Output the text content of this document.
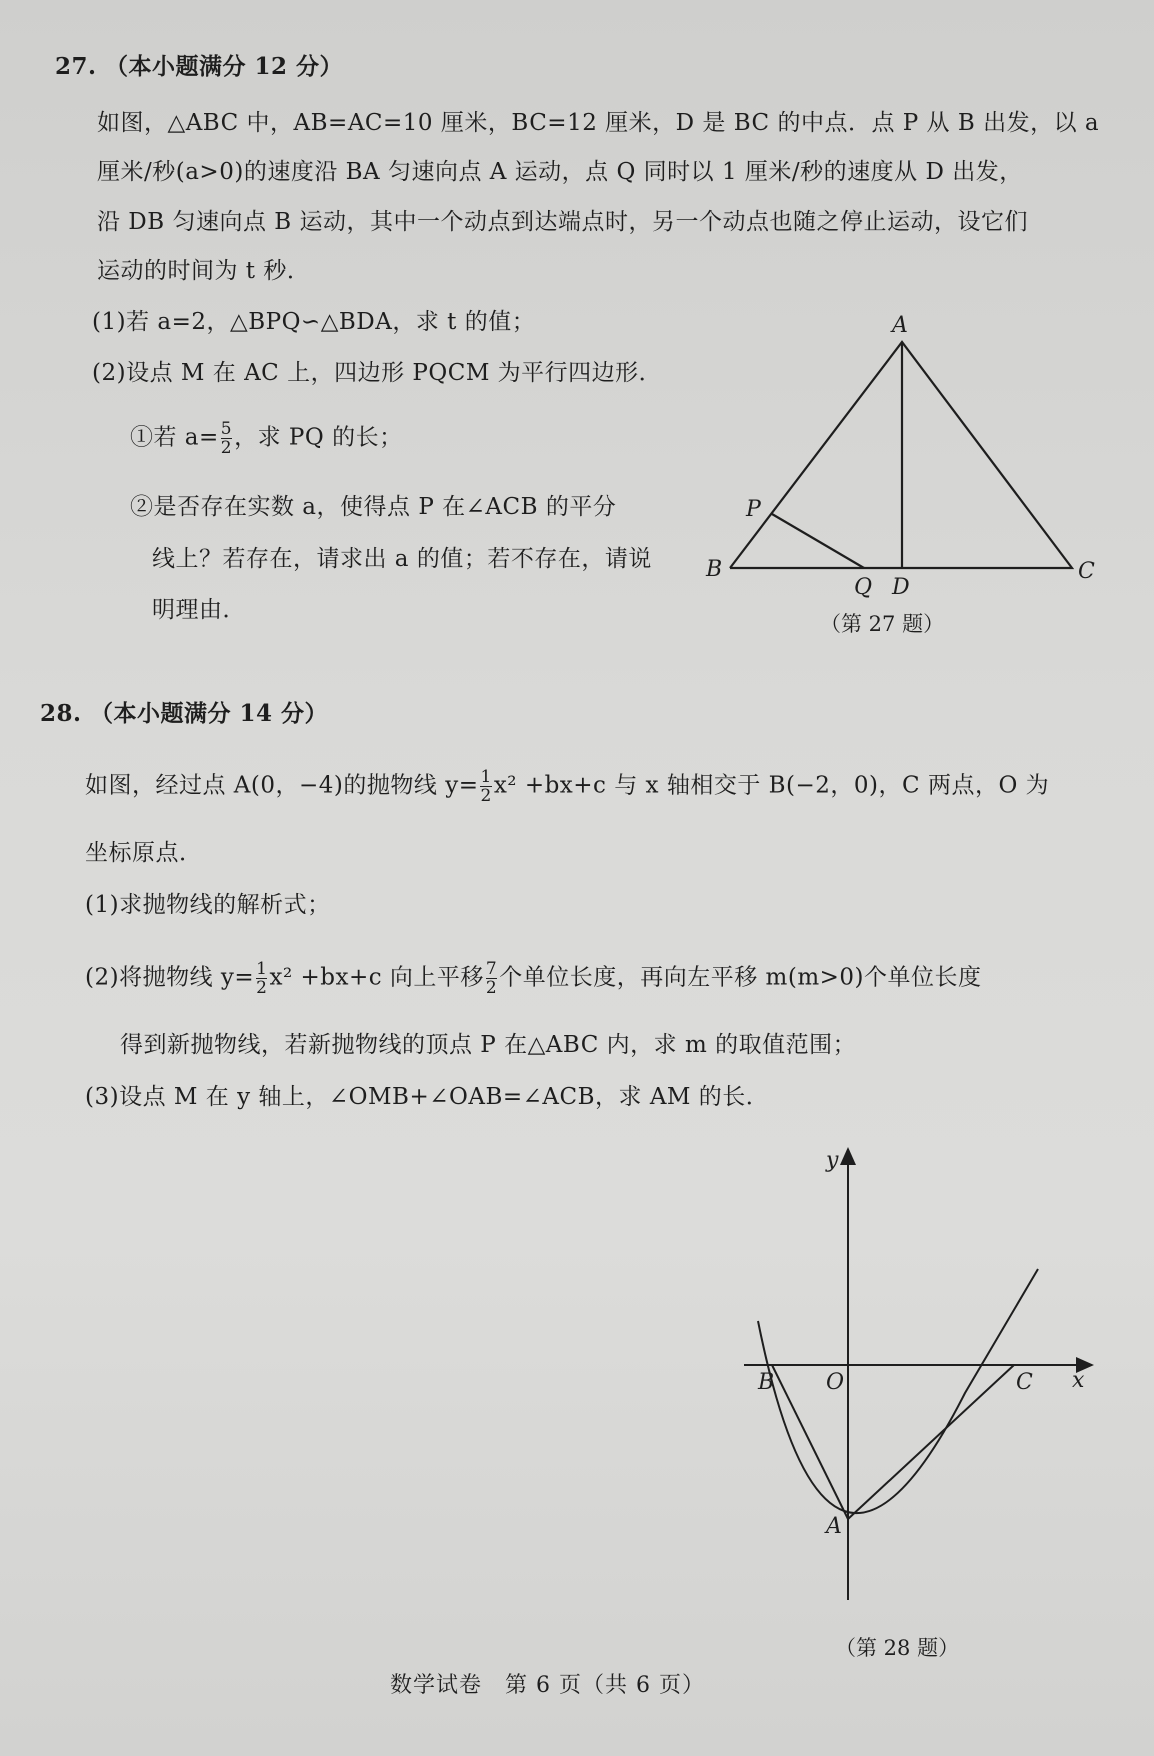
27. （本小题满分 12 分）
如图，△ABC 中，AB=AC=10 厘米，BC=12 厘米，D 是 BC 的中点．点 P 从 B 出发，以 a
厘米/秒(a>0)的速度沿 BA 匀速向点 A 运动，点 Q 同时以 1 厘米/秒的速度从 D 出发，
沿 DB 匀速向点 B 运动，其中一个动点到达端点时，另一个动点也随之停止运动，设它们
运动的时间为 t 秒．
(1)若 a=2，△BPQ∽△BDA，求 t 的值；
(2)设点 M 在 AC 上，四边形 PQCM 为平行四边形．
①若 $a= \frac{5}{2}$ ，求 PQ 的长；
②是否存在实数 a，使得点 P 在∠ACB 的平分
线上？若存在，请求出 a 的值；若不存在，请说
明理由．
A
P
B	C
Q D
（第 27 题）
28. （本小题满分 14 分）
如图，经过点 A(0，−4)的抛物线 $y= \frac{1}{2} x^2 +bx+c$ 与 x 轴相交于 B(−2，0)，C 两点，O 为
坐标原点．
(1)求抛物线的解析式；
(2)将抛物线 $y= \frac{1}{2} x^2 +bx+c$ 向上平移 $\frac{7}{2}$ 个单位长度，再向左平移 m(m>0)个单位长度
得到新抛物线，若新抛物线的顶点 P 在△ABC 内，求 m 的取值范围；
(3)设点 M 在 y 轴上，∠OMB+∠OAB=∠ACB，求 AM 的长．
y
x
B O	C
A
（第 28 题）
数学试卷　第 6 页（共 6 页）
